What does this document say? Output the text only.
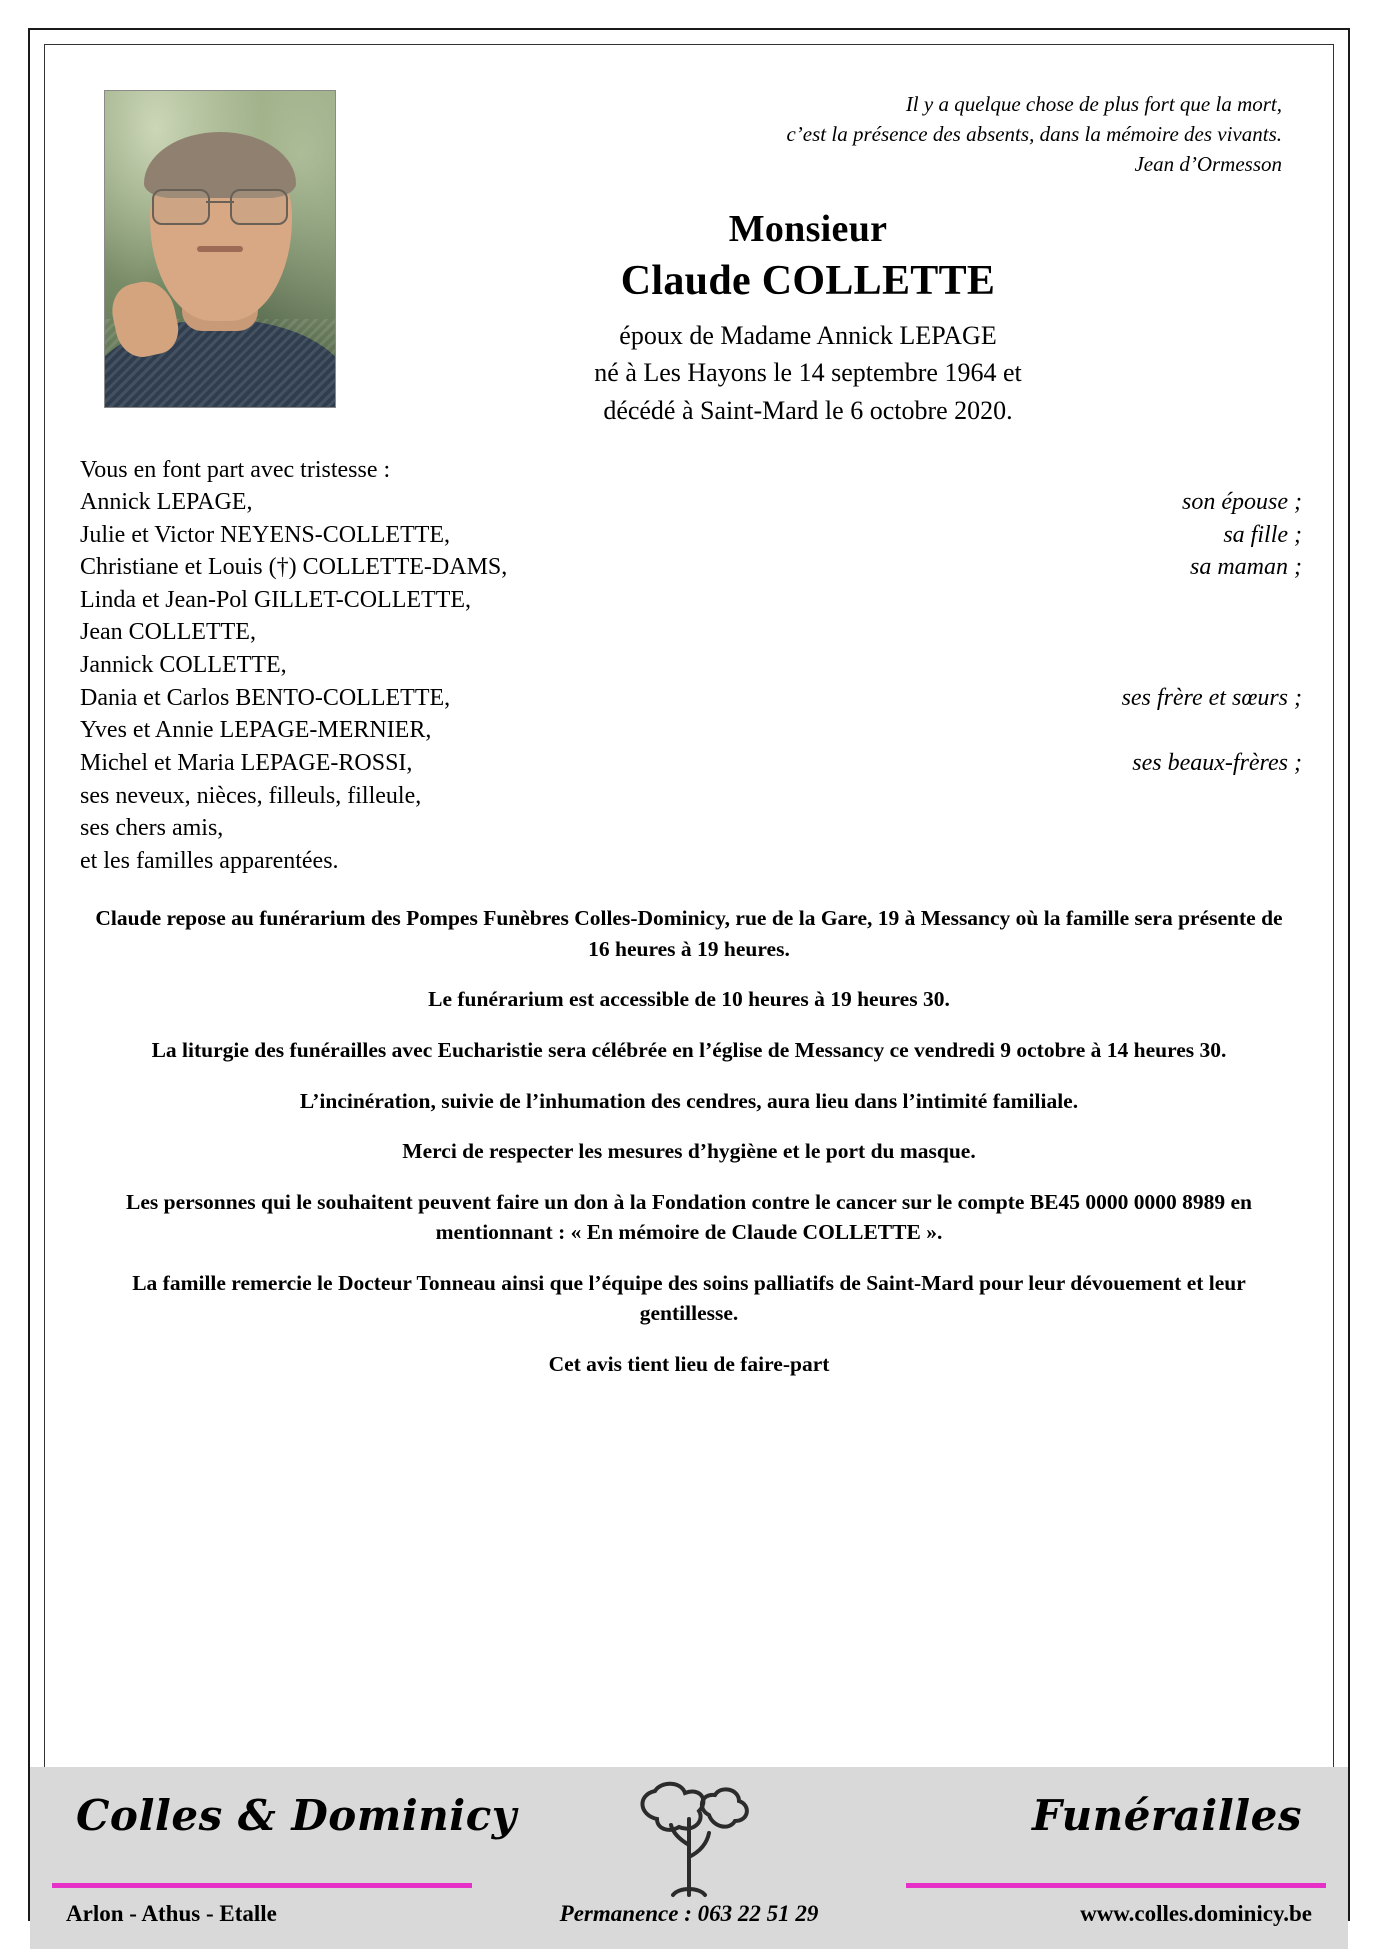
Il y a quelque chose de plus fort que la mort,
c’est la présence des absents, dans la mémoire des vivants.

Jean d’Ormesson

Monsieur
Claude COLLETTE

époux de Madame Annick LEPAGE
né à Les Hayons le 14 septembre 1964 et
décédé à Saint-Mard le 6 octobre 2020.

Vous en font part avec tristesse :
Annick LEPAGE,	son épouse ;
Julie et Victor NEYENS-COLLETTE,	sa fille ;
Christiane et Louis (†) COLLETTE-DAMS,	sa maman ;
Linda et Jean-Pol GILLET-COLLETTE,
Jean COLLETTE,
Jannick COLLETTE,
Dania et Carlos BENTO-COLLETTE,	ses frère et sœurs ;
Yves et Annie LEPAGE-MERNIER,
Michel et Maria LEPAGE-ROSSI,	ses beaux-frères ;
ses neveux, nièces, filleuls, filleule,
ses chers amis,
et les familles apparentées.

Claude repose au funérarium des Pompes Funèbres Colles-Dominicy, rue de la Gare, 19 à Messancy où la famille sera présente de 16 heures à 19 heures.

Le funérarium est accessible de 10 heures à 19 heures 30.

La liturgie des funérailles avec Eucharistie sera célébrée en l’église de Messancy ce vendredi 9 octobre à 14 heures 30.

L’incinération, suivie de l’inhumation des cendres, aura lieu dans l’intimité familiale.

Merci de respecter les mesures d’hygiène et le port du masque.

Les personnes qui le souhaitent peuvent faire un don à la Fondation contre le cancer sur le compte BE45 0000 0000 8989 en mentionnant : « En mémoire de Claude COLLETTE ».

La famille remercie le Docteur Tonneau ainsi que l’équipe des soins palliatifs de Saint-Mard pour leur dévouement et leur gentillesse.

Cet avis tient lieu de faire-part

Colles & Dominicy	Funérailles
Arlon - Athus - Etalle	Permanence : 063 22 51 29	www.colles.dominicy.be
